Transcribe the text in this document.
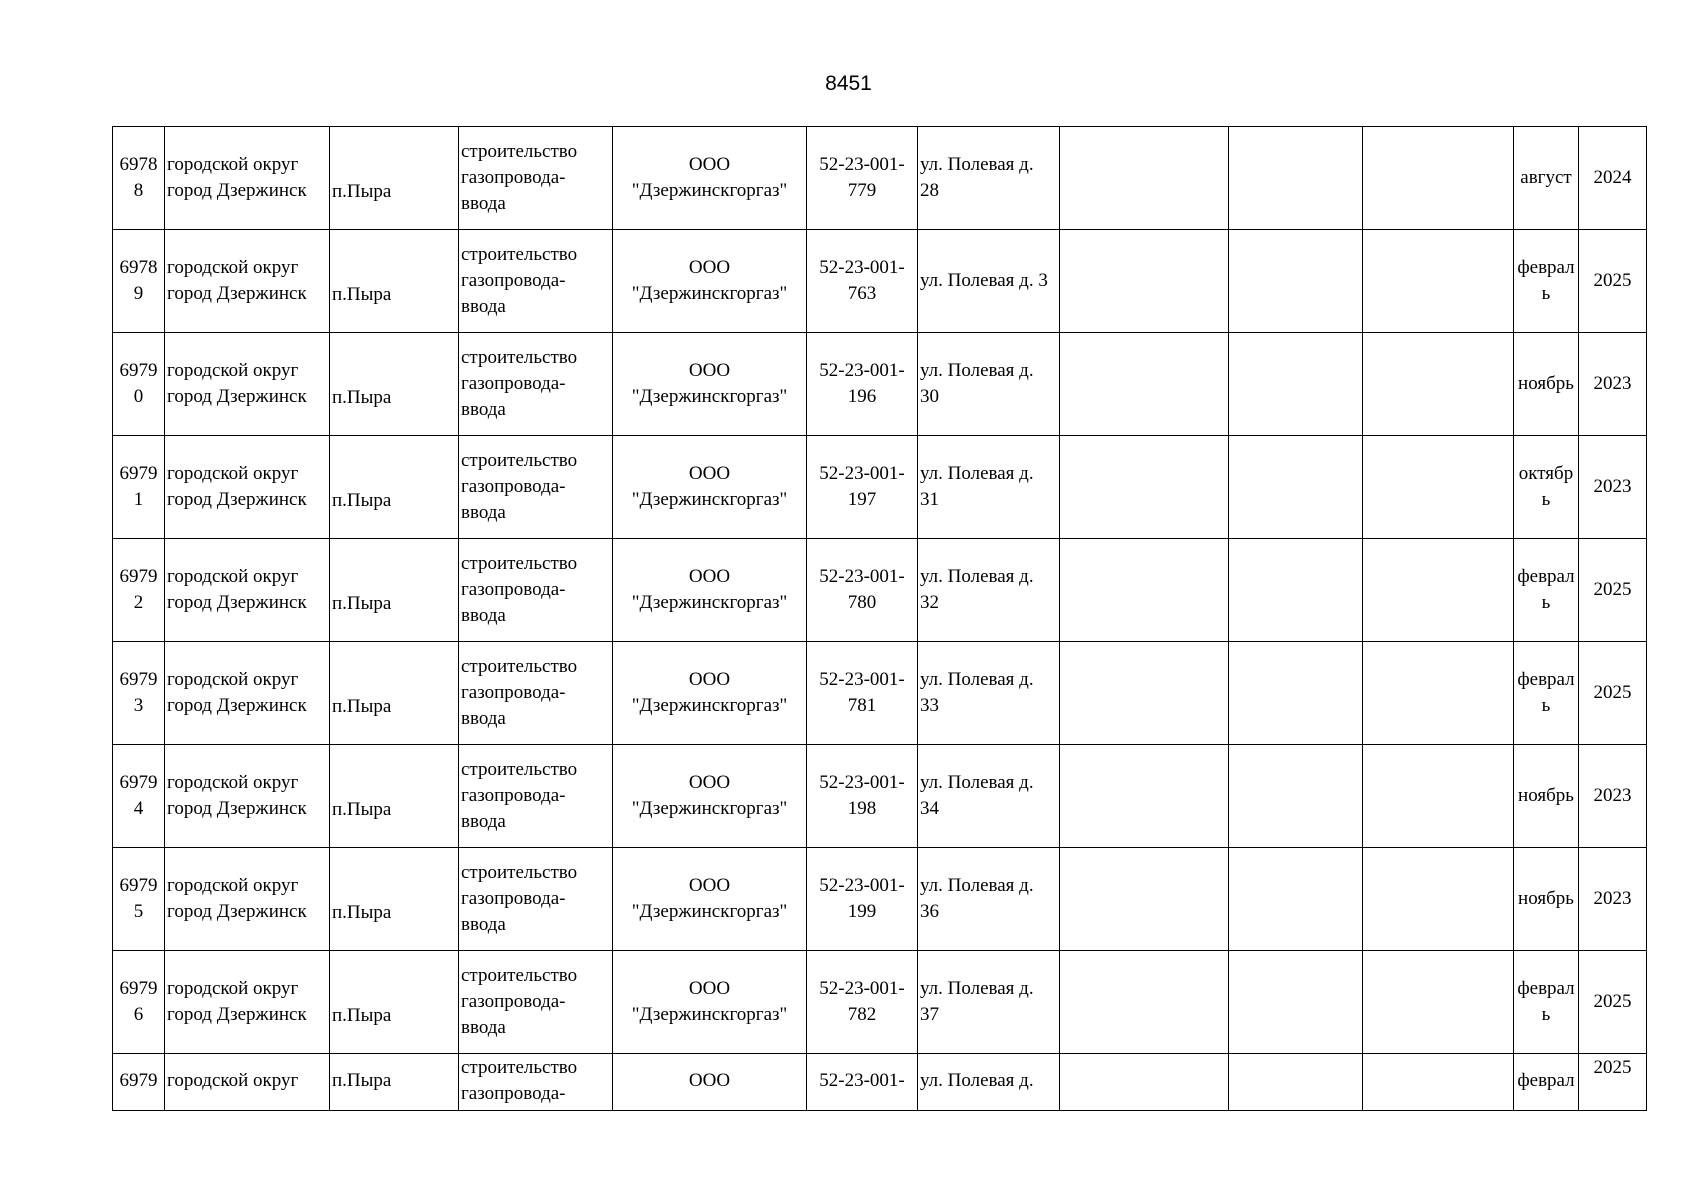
8451
69788	городской округ город Дзержинск	п.Пыра	строительство газопровода-ввода	ООО "Дзержинскгоргаз"	52-23-001-779	ул. Полевая д. 28				август	2024
69789	городской округ город Дзержинск	п.Пыра	строительство газопровода-ввода	ООО "Дзержинскгоргаз"	52-23-001-763	ул. Полевая д. 3				февраль	2025
69790	городской округ город Дзержинск	п.Пыра	строительство газопровода-ввода	ООО "Дзержинскгоргаз"	52-23-001-196	ул. Полевая д. 30				ноябрь	2023
69791	городской округ город Дзержинск	п.Пыра	строительство газопровода-ввода	ООО "Дзержинскгоргаз"	52-23-001-197	ул. Полевая д. 31				октябрь	2023
69792	городской округ город Дзержинск	п.Пыра	строительство газопровода-ввода	ООО "Дзержинскгоргаз"	52-23-001-780	ул. Полевая д. 32				февраль	2025
69793	городской округ город Дзержинск	п.Пыра	строительство газопровода-ввода	ООО "Дзержинскгоргаз"	52-23-001-781	ул. Полевая д. 33				февраль	2025
69794	городской округ город Дзержинск	п.Пыра	строительство газопровода-ввода	ООО "Дзержинскгоргаз"	52-23-001-198	ул. Полевая д. 34				ноябрь	2023
69795	городской округ город Дзержинск	п.Пыра	строительство газопровода-ввода	ООО "Дзержинскгоргаз"	52-23-001-199	ул. Полевая д. 36				ноябрь	2023
69796	городской округ город Дзержинск	п.Пыра	строительство газопровода-ввода	ООО "Дзержинскгоргаз"	52-23-001-782	ул. Полевая д. 37				февраль	2025
6979	городской округ	п.Пыра	строительство газопровода-	ООО	52-23-001-	ул. Полевая д.				феврал	2025
